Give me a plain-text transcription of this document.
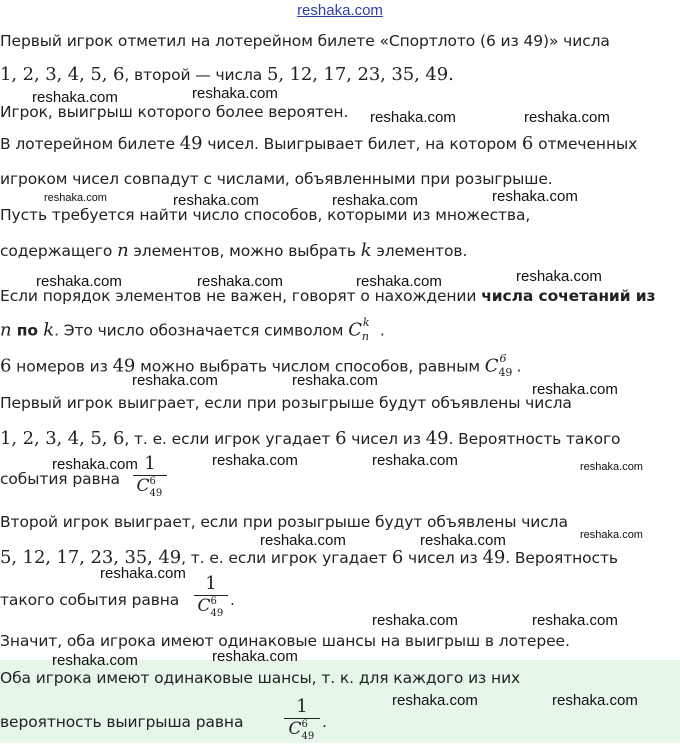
reshaka.com
Первый игрок отметил на лотерейном билете «Спортлото (6 из 49)» числа
1, 2, 3, 4, 5, 6, второй — числа 5, 12, 17, 23, 35, 49.
Игрок, выигрыш которого более вероятен.
В лотерейном билете 49 чисел. Выигрывает билет, на котором 6 отмеченных
игроком чисел совпадут с числами, объявленными при розыгрыше.
Пусть требуется найти число способов, которыми из множества,
содержащего n элементов, можно выбрать k элементов.
Если порядок элементов не важен, говорят о нахождении числа сочетаний из
n по k. Это число обозначается символом C k
n .
6 номеров из 49 можно выбрать числом способов, равным C 6
49 .
Первый игрок выиграет, если при розыгрыше будут объявлены числа
1, 2, 3, 4, 5, 6, т. е. если игрок угадает 6 чисел из 49. Вероятность такого
события равна
1
C 6
49
Второй игрок выиграет, если при розыгрыше будут объявлены числа
5, 12, 17, 23, 35, 49, т. е. если игрок угадает 6 чисел из 49. Вероятность
такого события равна
1
C 6
49
.
Значит, оба игрока имеют одинаковые шансы на выигрыш в лотерее.
Оба игрока имеют одинаковые шансы, т. к. для каждого из них
вероятность выигрыша равна
1
C 6
49
.
reshaka.com	reshaka.com
reshaka.com	reshaka.com
reshaka.com	reshaka.com	reshaka.com	reshaka.com
reshaka.com	reshaka.com	reshaka.com	reshaka.com
reshaka.com	reshaka.com
reshaka.com
reshaka.com	reshaka.com	reshaka.com	reshaka.com
reshaka.com	reshaka.com	reshaka.com
reshaka.com
reshaka.com	reshaka.com
reshaka.com	reshaka.com
reshaka.com	reshaka.com
